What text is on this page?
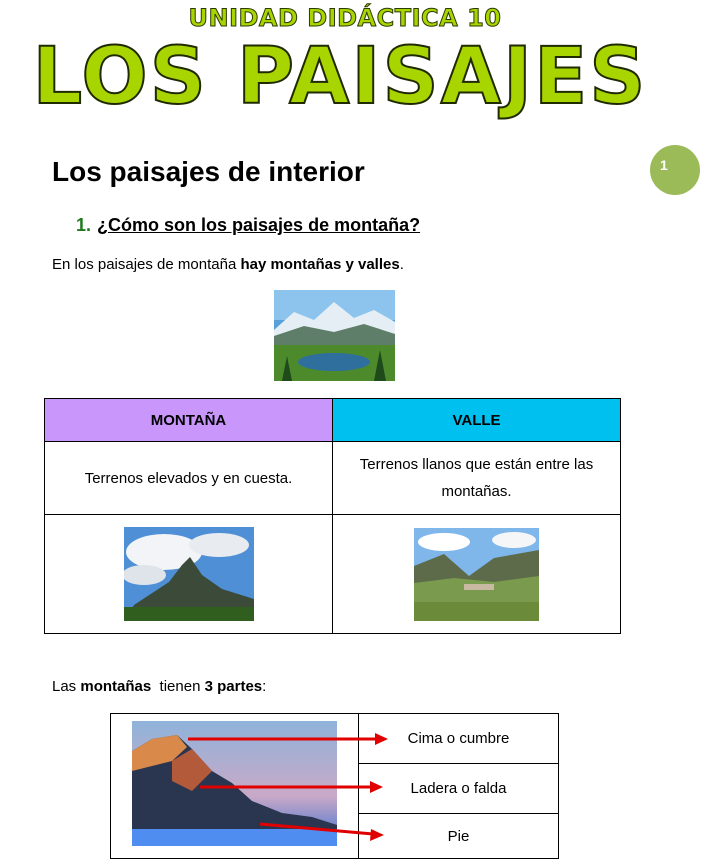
UNIDAD DIDÁCTICA 10
LOS PAISAJES
1
Los paisajes de interior
1. ¿Cómo son los paisajes de montaña?
En los paisajes de montaña hay montañas y valles.
MONTAÑA	VALLE
Terrenos elevados y en cuesta.	Terrenos llanos que están entre las montañas.

Las montañas  tienen 3 partes:
	Cima o cumbre
Ladera o falda
Pie
